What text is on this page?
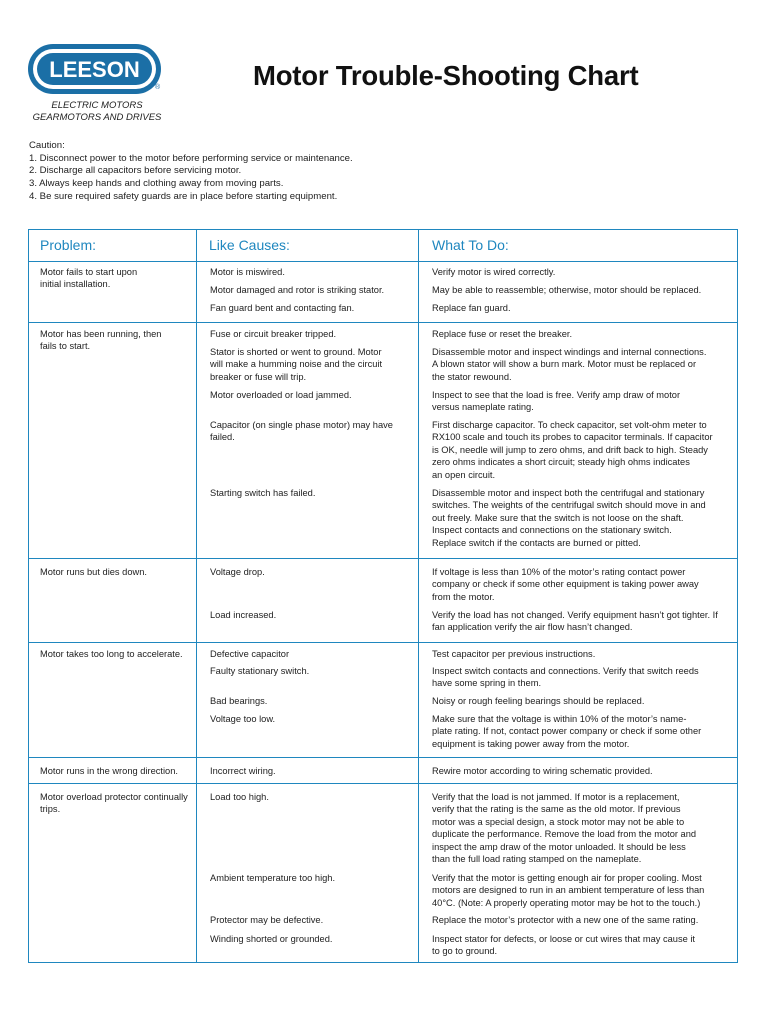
LEESON
®
ELECTRIC MOTORS
GEARMOTORS AND DRIVES
Motor Trouble-Shooting Chart
Caution:
1. Disconnect power to the motor before performing service or maintenance.
2. Discharge all capacitors before servicing motor.
3. Always keep hands and clothing away from moving parts.
4. Be sure required safety guards are in place before starting equipment.
Problem:	Like Causes:	What To Do:
Motor fails to start upon
initial installation.
Motor has been running, then
fails to start.
Motor runs but dies down.
Motor takes too long to accelerate.
Motor runs in the wrong direction.
Motor overload protector continually
trips.
Motor is miswired.
Motor damaged and rotor is striking stator.
Fan guard bent and contacting fan.
Fuse or circuit breaker tripped.
Stator is shorted or went to ground. Motor
will make a humming noise and the circuit
breaker or fuse will trip.
Motor overloaded or load jammed.
Capacitor (on single phase motor) may have
failed.
Starting switch has failed.
Voltage drop.
Load increased.
Defective capacitor
Faulty stationary switch.
Bad bearings.
Voltage too low.
Incorrect wiring.
Load too high.
Ambient temperature too high.
Protector may be defective.
Winding shorted or grounded.
Verify motor is wired correctly.
May be able to reassemble; otherwise, motor should be replaced.
Replace fan guard.
Replace fuse or reset the breaker.
Disassemble motor and inspect windings and internal connections.
A blown stator will show a burn mark. Motor must be replaced or
the stator rewound.
Inspect to see that the load is free. Verify amp draw of motor
versus nameplate rating.
First discharge capacitor. To check capacitor, set volt-ohm meter to
RX100 scale and touch its probes to capacitor terminals. If capacitor
is OK, needle will jump to zero ohms, and drift back to high. Steady
zero ohms indicates a short circuit; steady high ohms indicates
an open circuit.
Disassemble motor and inspect both the centrifugal and stationary
switches. The weights of the centrifugal switch should move in and
out freely. Make sure that the switch is not loose on the shaft.
Inspect contacts and connections on the stationary switch.
Replace switch if the contacts are burned or pitted.
If voltage is less than 10% of the motor’s rating contact power
company or check if some other equipment is taking power away
from the motor.
Verify the load has not changed. Verify equipment hasn’t got tighter. If
fan application verify the air flow hasn’t changed.
Test capacitor per previous instructions.
Inspect switch contacts and connections. Verify that switch reeds
have some spring in them.
Noisy or rough feeling bearings should be replaced.
Make sure that the voltage is within 10% of the motor’s name-
plate rating. If not, contact power company or check if some other
equipment is taking power away from the motor.
Rewire motor according to wiring schematic provided.
Verify that the load is not jammed. If motor is a replacement,
verify that the rating is the same as the old motor. If previous
motor was a special design, a stock motor may not be able to
duplicate the performance. Remove the load from the motor and
inspect the amp draw of the motor unloaded. It should be less
than the full load rating stamped on the nameplate.
Verify that the motor is getting enough air for proper cooling. Most
motors are designed to run in an ambient temperature of less than
40°C. (Note: A properly operating motor may be hot to the touch.)
Replace the motor’s protector with a new one of the same rating.
Inspect stator for defects, or loose or cut wires that may cause it
to go to ground.
